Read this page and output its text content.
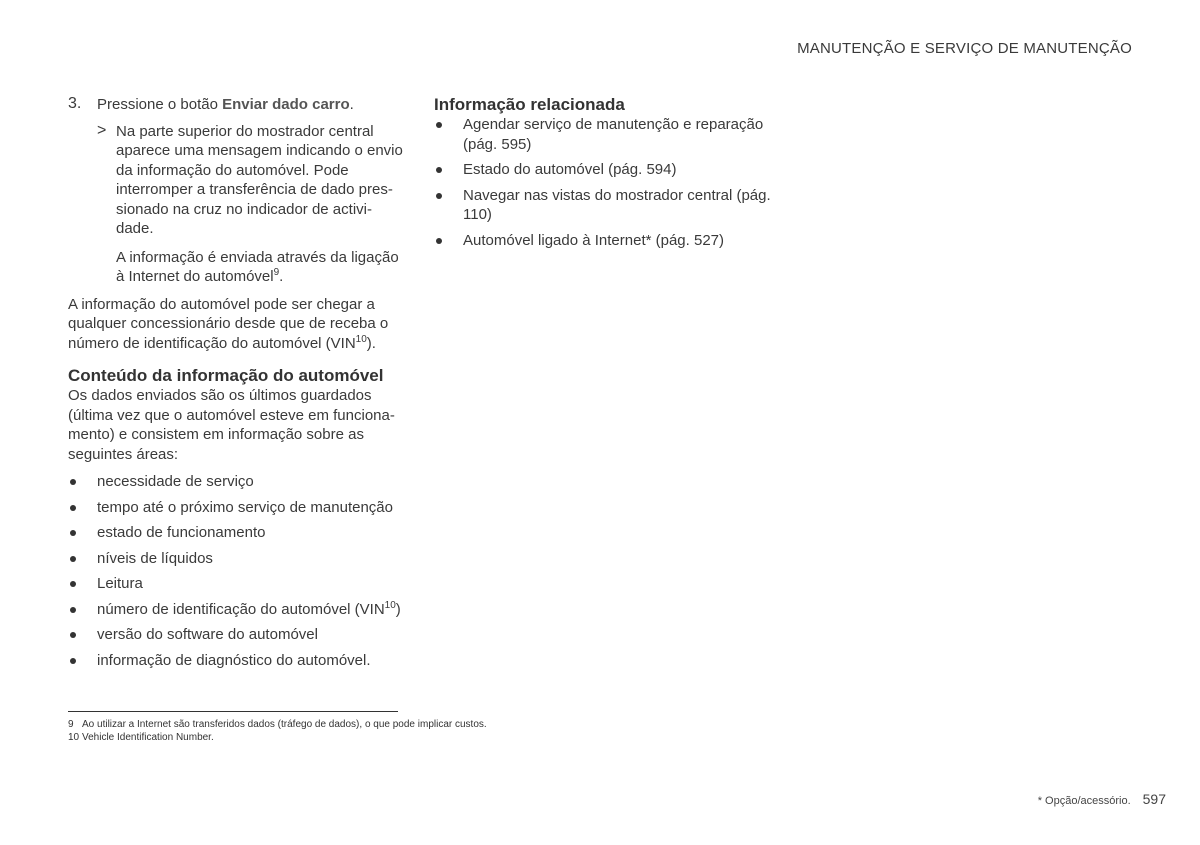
MANUTENÇÃO E SERVIÇO DE MANUTENÇÃO
3.	Pressione o botão Enviar dado carro.

> Na parte superior do mostrador central aparece uma mensagem indicando o envio da informação do automóvel. Pode interromper a transferência de dado pressionado na cruz no indicador de actividade.

A informação é enviada através da ligação à Internet do automóvel$^9$.

A informação do automóvel pode ser chegar a qualquer concessionário desde que de receba o número de identificação do automóvel (VIN$^{10}$).

Conteúdo da informação do automóvel

Os dados enviados são os últimos guardados (última vez que o automóvel esteve em funcionamento) e consistem em informação sobre as seguintes áreas:

necessidade de serviço
tempo até o próximo serviço de manutenção
estado de funcionamento
níveis de líquidos
Leitura
número de identificação do automóvel (VIN$^{10}$)
versão do software do automóvel
informação de diagnóstico do automóvel.
Informação relacionada
Agendar serviço de manutenção e reparação (pág. 595)
Estado do automóvel (pág. 594)
Navegar nas vistas do mostrador central (pág. 110)
Automóvel ligado à Internet* (pág. 527)
9 Ao utilizar a Internet são transferidos dados (tráfego de dados), o que pode implicar custos.
10 Vehicle Identification Number.
* Opção/acessório. 597
